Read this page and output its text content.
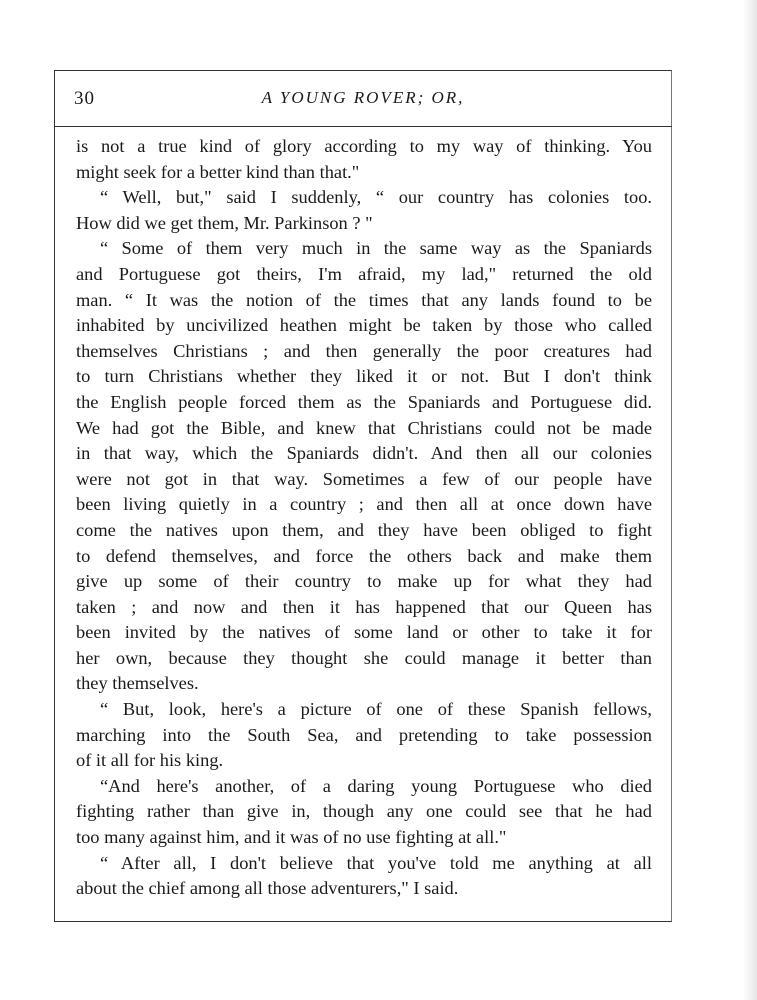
30	A YOUNG ROVER; OR,
is not a true kind of glory according to my way of thinking. You
might seek for a better kind than that."
“ Well, but," said I suddenly, “ our country has colonies too.
How did we get them, Mr. Parkinson ? "
“ Some of them very much in the same way as the Spaniards
and Portuguese got theirs, I'm afraid, my lad," returned the old
man. “ It was the notion of the times that any lands found to be
inhabited by uncivilized heathen might be taken by those who called
themselves Christians ; and then generally the poor creatures had
to turn Christians whether they liked it or not. But I don't think
the English people forced them as the Spaniards and Portuguese did.
We had got the Bible, and knew that Christians could not be made
in that way, which the Spaniards didn't. And then all our colonies
were not got in that way. Sometimes a few of our people have
been living quietly in a country ; and then all at once down have
come the natives upon them, and they have been obliged to fight
to defend themselves, and force the others back and make them
give up some of their country to make up for what they had
taken ; and now and then it has happened that our Queen has
been invited by the natives of some land or other to take it for
her own, because they thought she could manage it better than
they themselves.
“ But, look, here's a picture of one of these Spanish fellows,
marching into the South Sea, and pretending to take possession
of it all for his king.
“And here's another, of a daring young Portuguese who died
fighting rather than give in, though any one could see that he had
too many against him, and it was of no use fighting at all."
“ After all, I don't believe that you've told me anything at all
about the chief among all those adventurers," I said.
